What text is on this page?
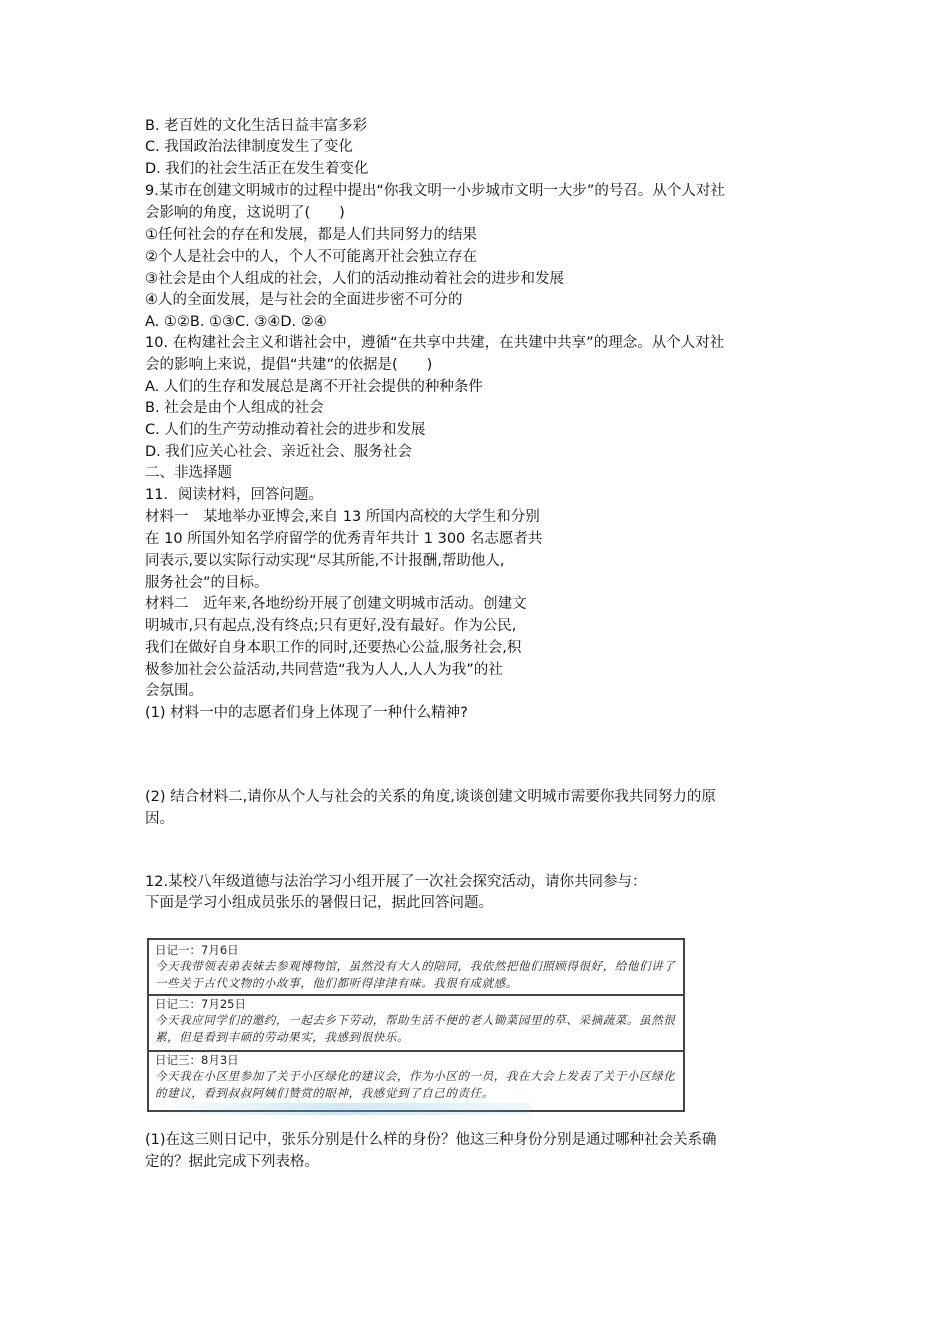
B. 老百姓的文化生活日益丰富多彩
C. 我国政治法律制度发生了变化
D. 我们的社会生活正在发生着变化
9.某市在创建文明城市的过程中提出“你我文明一小步城市文明一大步”的号召。从个人对社
会影响的角度，这说明了(　　)
①任何社会的存在和发展，都是人们共同努力的结果
②个人是社会中的人，个人不可能离开社会独立存在
③社会是由个人组成的社会，人们的活动推动着社会的进步和发展
④人的全面发展，是与社会的全面进步密不可分的
A. ①②B. ①③C. ③④D. ②④
10. 在构建社会主义和谐社会中，遵循“在共享中共建，在共建中共享”的理念。从个人对社
会的影响上来说，提倡“共建”的依据是(　　)
A. 人们的生存和发展总是离不开社会提供的种种条件
B. 社会是由个人组成的社会
C. 人们的生产劳动推动着社会的进步和发展
D. 我们应关心社会、亲近社会、服务社会
二、非选择题
11．阅读材料，回答问题。
材料一　某地举办亚博会,来自 13 所国内高校的大学生和分别
在 10 所国外知名学府留学的优秀青年共计 1 300 名志愿者共
同表示,要以实际行动实现“尽其所能,不计报酬,帮助他人,
服务社会”的目标。
材料二　近年来,各地纷纷开展了创建文明城市活动。创建文
明城市,只有起点,没有终点;只有更好,没有最好。作为公民,
我们在做好自身本职工作的同时,还要热心公益,服务社会,积
极参加社会公益活动,共同营造“我为人人,人人为我”的社
会氛围。
(1) 材料一中的志愿者们身上体现了一种什么精神?
(2) 结合材料二,请你从个人与社会的关系的角度,谈谈创建文明城市需要你我共同努力的原
因。
12.某校八年级道德与法治学习小组开展了一次社会探究活动，请你共同参与：
下面是学习小组成员张乐的暑假日记，据此回答问题。
日记一：7月6日
今天我带领表弟表妹去参观博物馆，虽然没有大人的陪同，我依然把他们照顾得很好，给他们讲了一些关于古代文物的小故事，他们都听得津津有味。我很有成就感。
日记二：7月25日
今天我应同学们的邀约，一起去乡下劳动，帮助生活不便的老人锄菜园里的草、采摘蔬菜。虽然很累，但是看到丰硕的劳动果实，我感到很快乐。
日记三：8月3日
今天我在小区里参加了关于小区绿化的建议会，作为小区的一员，我在大会上发表了关于小区绿化的建议，看到叔叔阿姨们赞赏的眼神，我感觉到了自己的责任。
(1)在这三则日记中，张乐分别是什么样的身份？他这三种身份分别是通过哪种社会关系确
定的？据此完成下列表格。
